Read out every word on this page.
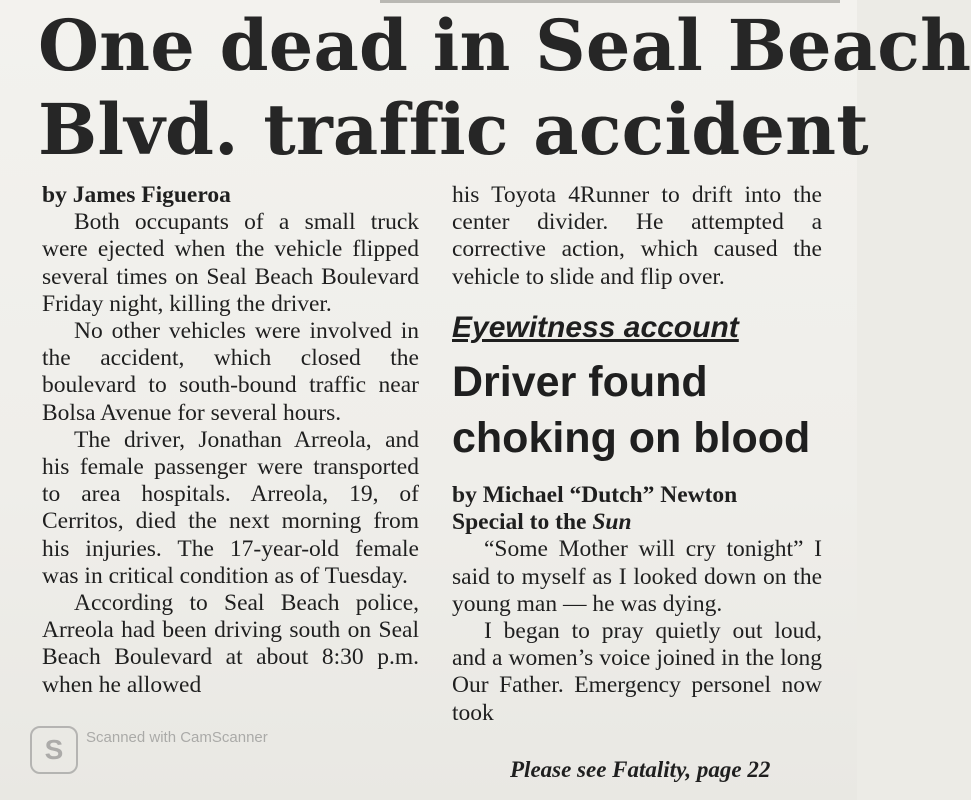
One dead in Seal Beach
Blvd. traffic accident

by James Figueroa

Both occupants of a small truck were ejected when the vehicle flipped several times on Seal Beach Boulevard Friday night, killing the driver.

No other vehicles were involved in the accident, which closed the boulevard to south-bound traffic near Bolsa Avenue for several hours.

The driver, Jonathan Arreola, and his female passenger were transported to area hospitals. Arreola, 19, of Cerritos, died the next morning from his injuries. The 17-year-old female was in critical condition as of Tuesday.

According to Seal Beach police, Arreola had been driving south on Seal Beach Boulevard at about 8:30 p.m. when he allowed

his Toyota 4Runner to drift into the center divider. He attempted a corrective action, which caused the vehicle to slide and flip over.

Eyewitness account
Driver found
choking on blood

by Michael “Dutch” Newton

Special to the Sun

“Some Mother will cry tonight” I said to myself as I looked down on the young man — he was dying.

I began to pray quietly out loud, and a women’s voice joined in the long Our Father. Emergency personel now took

Please see Fatality, page 22
S	Scanned with CamScanner
